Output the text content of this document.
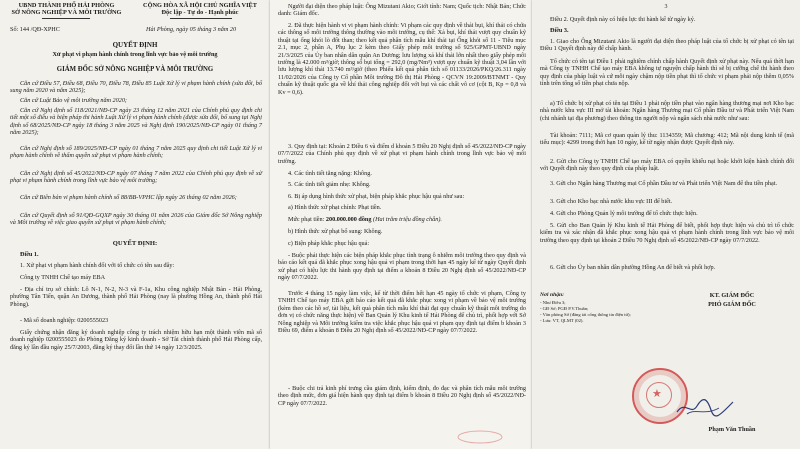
UBND THÀNH PHỐ HẢI PHÒNG
SỞ NÔNG NGHIỆP VÀ MÔI TRƯỜNG
CỘNG HÒA XÃ HỘI CHỦ NGHĨA VIỆT
Độc lập - Tự do - Hạnh phúc
Số: 144 /QĐ-XPHC	Hải Phòng, ngày 05 tháng 3 năm 20
QUYẾT ĐỊNH
Xử phạt vi phạm hành chính trong lĩnh vực bảo vệ môi trường
GIÁM ĐỐC SỞ NÔNG NGHIỆP VÀ MÔI TRƯỜNG
Căn cứ Điều 57, Điều 68, Điều 70, Điều 78, Điều 85 Luật Xử lý vi phạm hành chính (sửa đổi, bổ sung năm 2020 và năm 2025);
Căn cứ Luật Bảo vệ môi trường năm 2020;
Căn cứ Nghị định số 118/2021/NĐ-CP ngày 23 tháng 12 năm 2021 của Chính phủ quy định chi tiết một số điều và biện pháp thi hành Luật Xử lý vi phạm hành chính (được sửa đổi, bổ sung tại Nghị định số 68/2025/NĐ-CP ngày 18 tháng 3 năm 2025 và Nghị định 190/2025/NĐ-CP ngày 01 tháng 7 năm 2025);
Căn cứ Nghị định số 189/2025/NĐ-CP ngày 01 tháng 7 năm 2025 quy định chi tiết Luật Xử lý vi phạm hành chính về thẩm quyền xử phạt vi phạm hành chính;
Căn cứ Nghị định số 45/2022/NĐ-CP ngày 07 tháng 7 năm 2022 của Chính phủ quy định về xử phạt vi phạm hành chính trong lĩnh vực bảo vệ môi trường;
Căn cứ Biên bản vi phạm hành chính số 88/BB-VPHC lập ngày 26 tháng 02 năm 2026;
Căn cứ Quyết định số 91/QĐ-GQXP ngày 30 tháng 01 năm 2026 của Giám đốc Sở Nông nghiệp và Môi trường về việc giao quyền xử phạt vi phạm hành chính;
QUYẾT ĐỊNH:
Điều 1.
1. Xử phạt vi phạm hành chính đối với tổ chức có tên sau đây:
Công ty TNHH Chế tạo máy EBA
- Địa chỉ trụ sở chính: Lô N-1, N-2, N-3 và F-1a, Khu công nghiệp Nhật Bản - Hải Phòng, phường Tân Tiến, quận An Dương, thành phố Hải Phòng (nay là phường Hồng An, thành phố Hải Phòng).
- Mã số doanh nghiệp: 0200555023
Giấy chứng nhận đăng ký doanh nghiệp công ty trách nhiệm hữu hạn một thành viên mã số doanh nghiệp 0200555023 do Phòng Đăng ký kinh doanh - Sở Tài chính thành phố Hải Phòng cấp, đăng ký lần đầu ngày 25/7/2003, đăng ký thay đổi lần thứ 14 ngày 12/3/2025.
Người đại diện theo pháp luật: Ông Mizutani Akio; Giới tính: Nam; Quốc tịch: Nhật Bản; Chức danh: Giám đốc.
2. Đã thực hiện hành vi vi phạm hành chính: Vi phạm các quy định về thải bụi, khí thải có chứa các thông số môi trường thông thường vào môi trường, cụ thể: Xả bụi, khí thải vượt quy chuẩn kỹ thuật tại ống khói lò đốt than; theo kết quả phân tích mẫu khí thải tại Ống khói số 11 - Tiêu mục 2.1, mục 2, phần A, Phụ lục 2 kèm theo Giấy phép môi trường số 925/GPMT-UBND ngày 21/3/2025 của Ủy ban nhân dân quận An Dương; lưu lượng xả khí thải lớn nhất theo giấy phép môi trường là 42.000 m³/giờ; thông số bụi tổng = 292,0 (mg/Nm³) vượt quy chuẩn kỹ thuật 3,04 lần với lưu lượng khí thải 13.740 m³/giờ (theo Phiếu kết quả phân tích số 01133/2026/PKQ/26.311 ngày 11/02/2026 của Công ty Cổ phần Môi trường Đô thị Hải Phòng - QCVN 19:2009/BTNMT - Quy chuẩn kỹ thuật quốc gia về khí thải công nghiệp đối với bụi và các chất vô cơ (cột B, Kp = 0,8 và Kv = 0,6).
3. Quy định tại: Khoản 2 Điều 6 và điểm d khoản 5 Điều 20 Nghị định số 45/2022/NĐ-CP ngày 07/7/2022 của Chính phủ quy định về xử phạt vi phạm hành chính trong lĩnh vực bảo vệ môi trường.
4. Các tình tiết tăng nặng: Không.
5. Các tình tiết giảm nhẹ: Không.
6. Bị áp dụng hình thức xử phạt, biện pháp khắc phục hậu quả như sau:
a) Hình thức xử phạt chính: Phạt tiền.
Mức phạt tiền: 200.000.000 đồng (Hai trăm triệu đồng chẵn).
b) Hình thức xử phạt bổ sung: Không.
c) Biện pháp khắc phục hậu quả:
- Buộc phải thực hiện các biện pháp khắc phục tình trạng ô nhiễm môi trường theo quy định và báo cáo kết quả đã khắc phục xong hậu quả vi phạm trong thời hạn 45 ngày kể từ ngày Quyết định xử phạt có hiệu lực thi hành quy định tại điểm a khoản 8 Điều 20 Nghị định số 45/2022/NĐ-CP ngày 07/7/2022.
Trước 4 tháng 15 ngày làm việc, kể từ thời điểm hết hạn 45 ngày tổ chức vi phạm, Công ty TNHH Chế tạo máy EBA gửi báo cáo kết quả đã khắc phục xong vi phạm về bảo vệ môi trường (kèm theo các hồ sơ, tài liệu, kết quả phân tích mẫu khí thải đạt quy chuẩn kỹ thuật môi trường do đơn vị có chức năng thực hiện) về Ban Quản lý Khu kinh tế Hải Phòng để chủ trì, phối hợp với Sở Nông nghiệp và Môi trường kiểm tra việc khắc phục hậu quả vi phạm quy định tại điểm b khoản 3 Điều 69, điểm a khoản 8 Điều 20 Nghị định số 45/2022/NĐ-CP ngày 07/7/2022.
- Buộc chi trả kinh phí trưng cầu giám định, kiểm định, đo đạc và phân tích mẫu môi trường theo định mức, đơn giá hiện hành quy định tại điểm b khoản 8 Điều 20 Nghị định số 45/2022/NĐ-CP ngày 07/7/2022.
3
Điều 2. Quyết định này có hiệu lực thi hành kể từ ngày ký.
Điều 3.
1. Giao cho Ông Mizutani Akio là người đại diện theo pháp luật của tổ chức bị xử phạt có tên tại Điều 1 Quyết định này để chấp hành.
Tổ chức có tên tại Điều 1 phải nghiêm chỉnh chấp hành Quyết định xử phạt này. Nếu quá thời hạn mà Công ty TNHH Chế tạo máy EBA không tự nguyện chấp hành thì sẽ bị cưỡng chế thi hành theo quy định của pháp luật và cứ mỗi ngày chậm nộp tiền phạt thì tổ chức vi phạm phải nộp thêm 0,05% tính trên tổng số tiền phạt chưa nộp.
a) Tổ chức bị xử phạt có tên tại Điều 1 phải nộp tiền phạt vào ngân hàng thương mại nơi Kho bạc nhà nước khu vực III mở tài khoản: Ngân hàng Thương mại Cổ phần Đầu tư và Phát triển Việt Nam (chi nhánh tại địa phương) theo thông tin người nộp và ngân sách nhà nước như sau:
Tài khoản: 7111; Mã cơ quan quản lý thu: 1134359; Mã chương: 412; Mã nội dung kinh tế (mã tiểu mục): 4299 trong thời hạn 10 ngày, kể từ ngày nhận được Quyết định này.
2. Gửi cho Công ty TNHH Chế tạo máy EBA có quyền khiếu nại hoặc khởi kiện hành chính đối với Quyết định này theo quy định của pháp luật.
3. Gửi cho Ngân hàng Thương mại Cổ phần Đầu tư và Phát triển Việt Nam để thu tiền phạt.
3. Gửi cho Kho bạc nhà nước khu vực III để biết.
4. Gửi cho Phòng Quản lý môi trường để tổ chức thực hiện.
5. Gửi cho Ban Quản lý Khu kinh tế Hải Phòng để biết, phối hợp thực hiện và chủ trì tổ chức kiểm tra và xác nhận đã khắc phục xong hậu quả vi phạm hành chính trong lĩnh vực bảo vệ môi trường theo quy định tại khoản 2 Điều 70 Nghị định số 45/2022/NĐ-CP ngày 07/7/2022.
6. Gửi cho Ủy ban nhân dân phường Hồng An để biết và phối hợp.
Nơi nhận:
- Như Điều 3;
- GĐ Sở; PGĐ P.V.Thuần;
- Văn phòng Sở (đăng tải cổng thông tin điện tử);
- Lưu: VT, QLMT (02).
KT. GIÁM ĐỐC
PHÓ GIÁM ĐỐC
Phạm Văn Thuần
★
